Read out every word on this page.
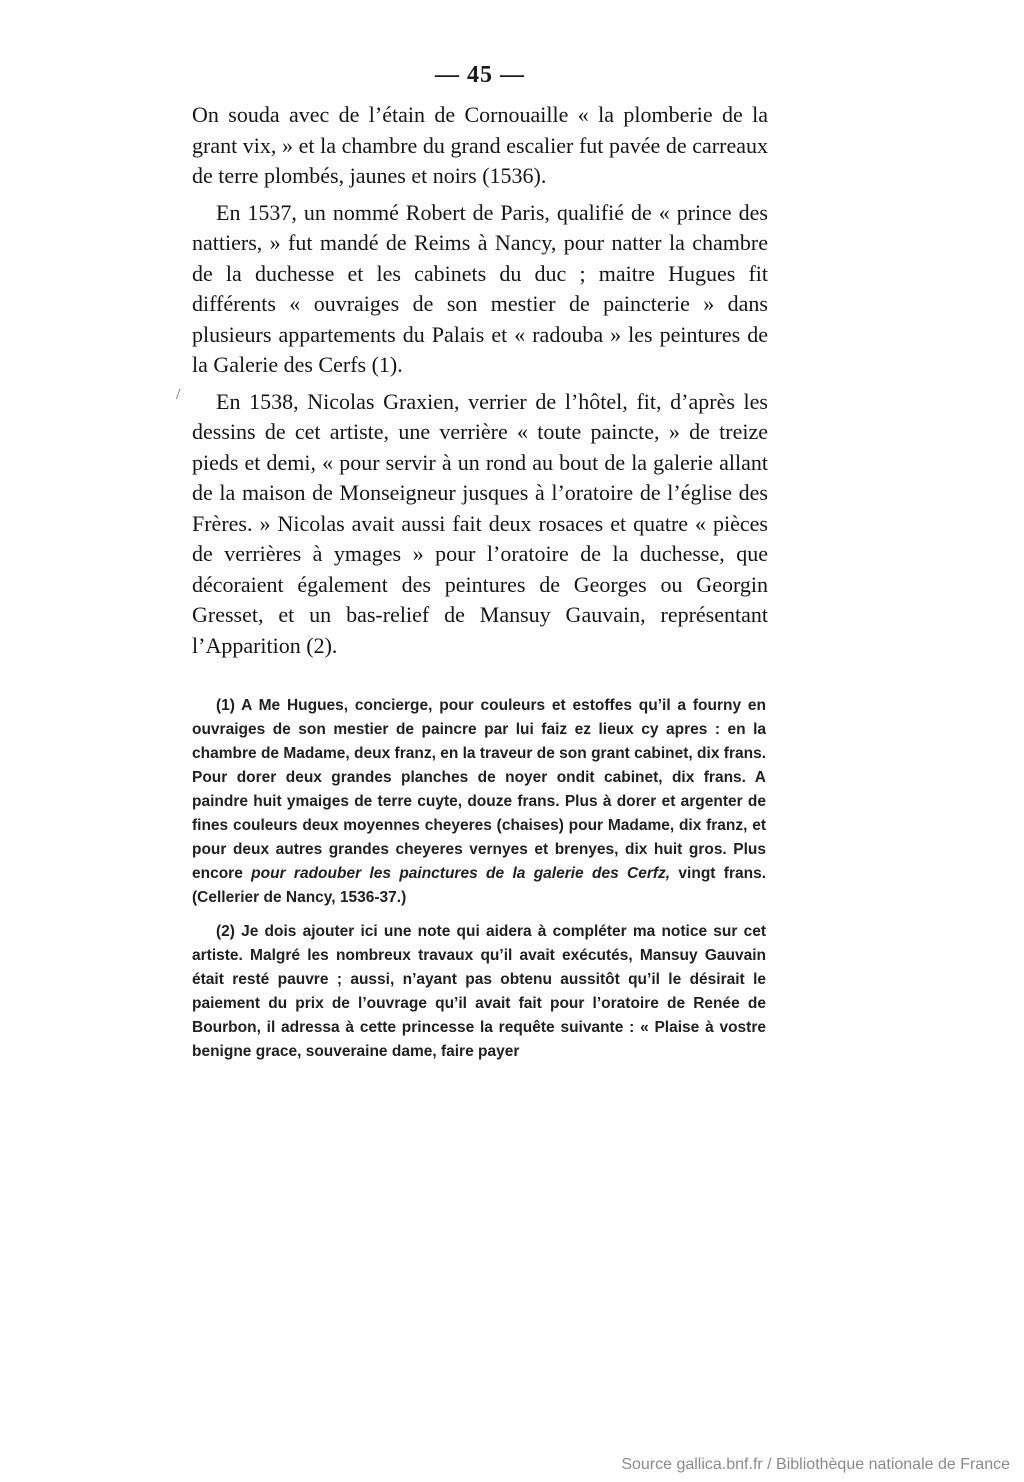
— 45 —
/

On souda avec de l’étain de Cornouaille « la plomberie de la grant vix, » et la chambre du grand escalier fut pavée de carreaux de terre plombés, jaunes et noirs (1536).

En 1537, un nommé Robert de Paris, qualifié de « prince des nattiers, » fut mandé de Reims à Nancy, pour natter la chambre de la duchesse et les cabinets du duc ; maitre Hugues fit différents « ouvraiges de son mestier de paincterie » dans plusieurs appartements du Palais et « radouba » les peintures de la Galerie des Cerfs (1).

En 1538, Nicolas Graxien, verrier de l’hôtel, fit, d’après les dessins de cet artiste, une verrière « toute paincte, » de treize pieds et demi, « pour servir à un rond au bout de la galerie allant de la maison de Monseigneur jusques à l’oratoire de l’église des Frères. » Nicolas avait aussi fait deux rosaces et quatre « pièces de verrières à ymages » pour l’oratoire de la duchesse, que décoraient également des peintures de Georges ou Georgin Gresset, et un bas-relief de Mansuy Gauvain, représentant l’Apparition (2).

(1) A Me Hugues, concierge, pour couleurs et estoffes qu’il a fourny en ouvraiges de son mestier de paincre par lui faiz ez lieux cy apres : en la chambre de Madame, deux franz, en la traveur de son grant cabinet, dix frans. Pour dorer deux grandes planches de noyer ondit cabinet, dix frans. A paindre huit ymaiges de terre cuyte, douze frans. Plus à dorer et argenter de fines couleurs deux moyennes cheyeres (chaises) pour Madame, dix franz, et pour deux autres grandes cheyeres vernyes et brenyes, dix huit gros. Plus encore pour radouber les painctures de la galerie des Cerfz, vingt frans. (Cellerier de Nancy, 1536-37.)

(2) Je dois ajouter ici une note qui aidera à compléter ma notice sur cet artiste. Malgré les nombreux travaux qu’il avait exécutés, Mansuy Gauvain était resté pauvre ; aussi, n’ayant pas obtenu aussitôt qu’il le désirait le paiement du prix de l’ouvrage qu’il avait fait pour l’oratoire de Renée de Bourbon, il adressa à cette princesse la requête suivante : « Plaise à vostre benigne grace, souveraine dame, faire payer

Source gallica.bnf.fr / Bibliothèque nationale de France
